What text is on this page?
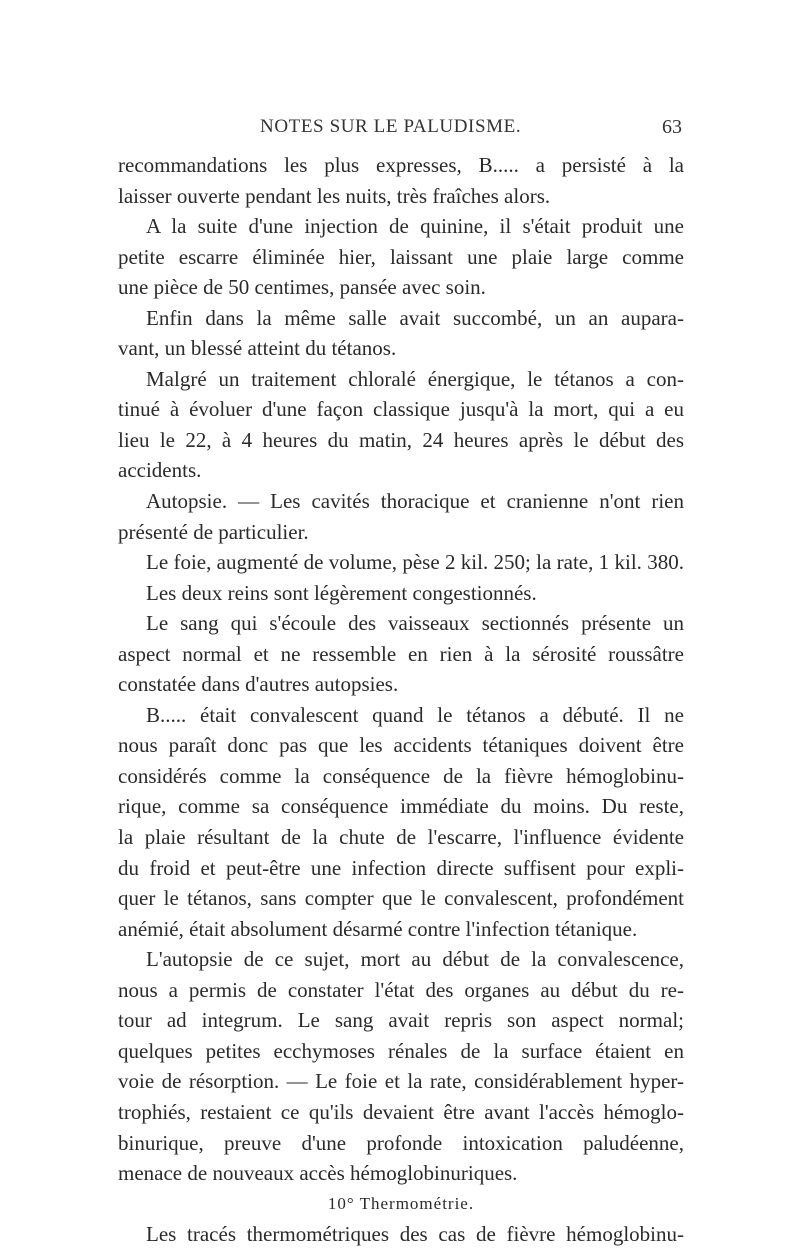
NOTES SUR LE PALUDISME.	63
recommandations les plus expresses, B..... a persisté à la
laisser ouverte pendant les nuits, très fraîches alors.
A la suite d'une injection de quinine, il s'était produit une
petite escarre éliminée hier, laissant une plaie large comme
une pièce de 50 centimes, pansée avec soin.
Enfin dans la même salle avait succombé, un an aupara-
vant, un blessé atteint du tétanos.
Malgré un traitement chloralé énergique, le tétanos a con-
tinué à évoluer d'une façon classique jusqu'à la mort, qui a eu
lieu le 22, à 4 heures du matin, 24 heures après le début des
accidents.
Autopsie. — Les cavités thoracique et cranienne n'ont rien
présenté de particulier.
Le foie, augmenté de volume, pèse 2 kil. 250; la rate, 1 kil. 380.
Les deux reins sont légèrement congestionnés.
Le sang qui s'écoule des vaisseaux sectionnés présente un
aspect normal et ne ressemble en rien à la sérosité roussâtre
constatée dans d'autres autopsies.
B..... était convalescent quand le tétanos a débuté. Il ne
nous paraît donc pas que les accidents tétaniques doivent être
considérés comme la conséquence de la fièvre hémoglobinu-
rique, comme sa conséquence immédiate du moins. Du reste,
la plaie résultant de la chute de l'escarre, l'influence évidente
du froid et peut-être une infection directe suffisent pour expli-
quer le tétanos, sans compter que le convalescent, profondément
anémié, était absolument désarmé contre l'infection tétanique.
L'autopsie de ce sujet, mort au début de la convalescence,
nous a permis de constater l'état des organes au début du re-
tour ad integrum. Le sang avait repris son aspect normal;
quelques petites ecchymoses rénales de la surface étaient en
voie de résorption. — Le foie et la rate, considérablement hyper-
trophiés, restaient ce qu'ils devaient être avant l'accès hémoglo-
binurique, preuve d'une profonde intoxication paludéenne,
menace de nouveaux accès hémoglobinuriques.
10° Thermométrie.
Les tracés thermométriques des cas de fièvre hémoglobinu-
